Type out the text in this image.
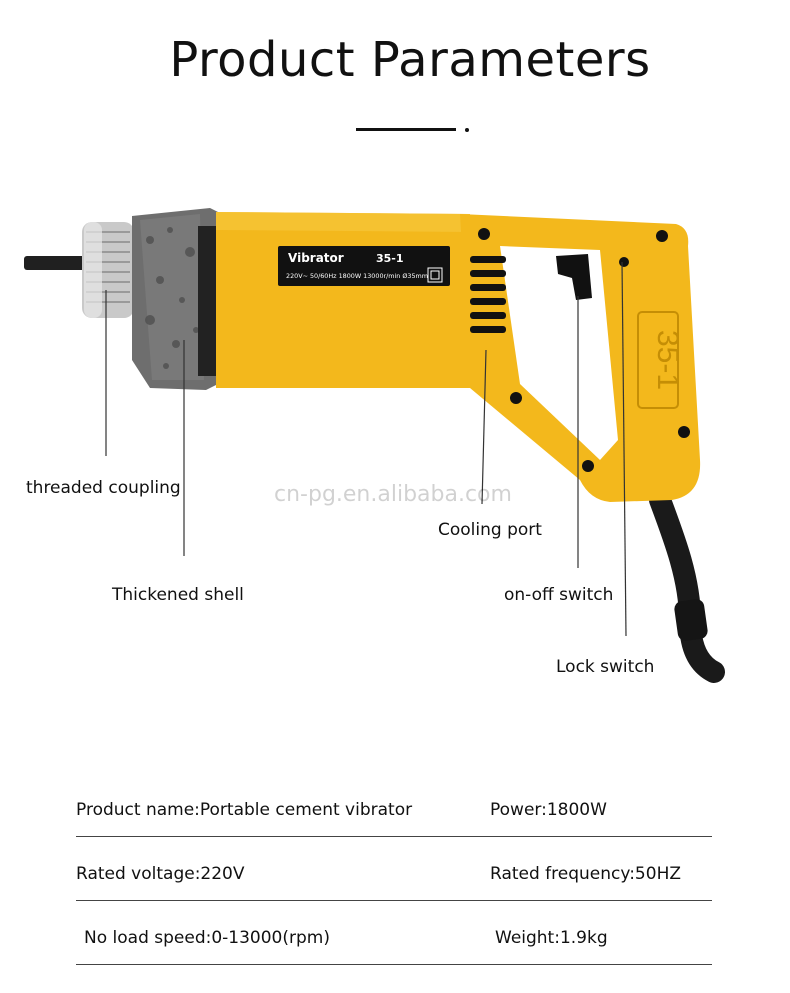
Product Parameters
35-1
Vibrator	35-1
220V~ 50/60Hz 1800W 13000r/min Ø35mm
cn-pg.en.alibaba.com
threaded coupling
Thickened shell
Cooling port
on-off switch
Lock switch
Product name:Portable cement vibrator	Power:1800W
Rated voltage:220V	Rated frequency:50HZ
No load speed:0-13000(rpm)	Weight:1.9kg
